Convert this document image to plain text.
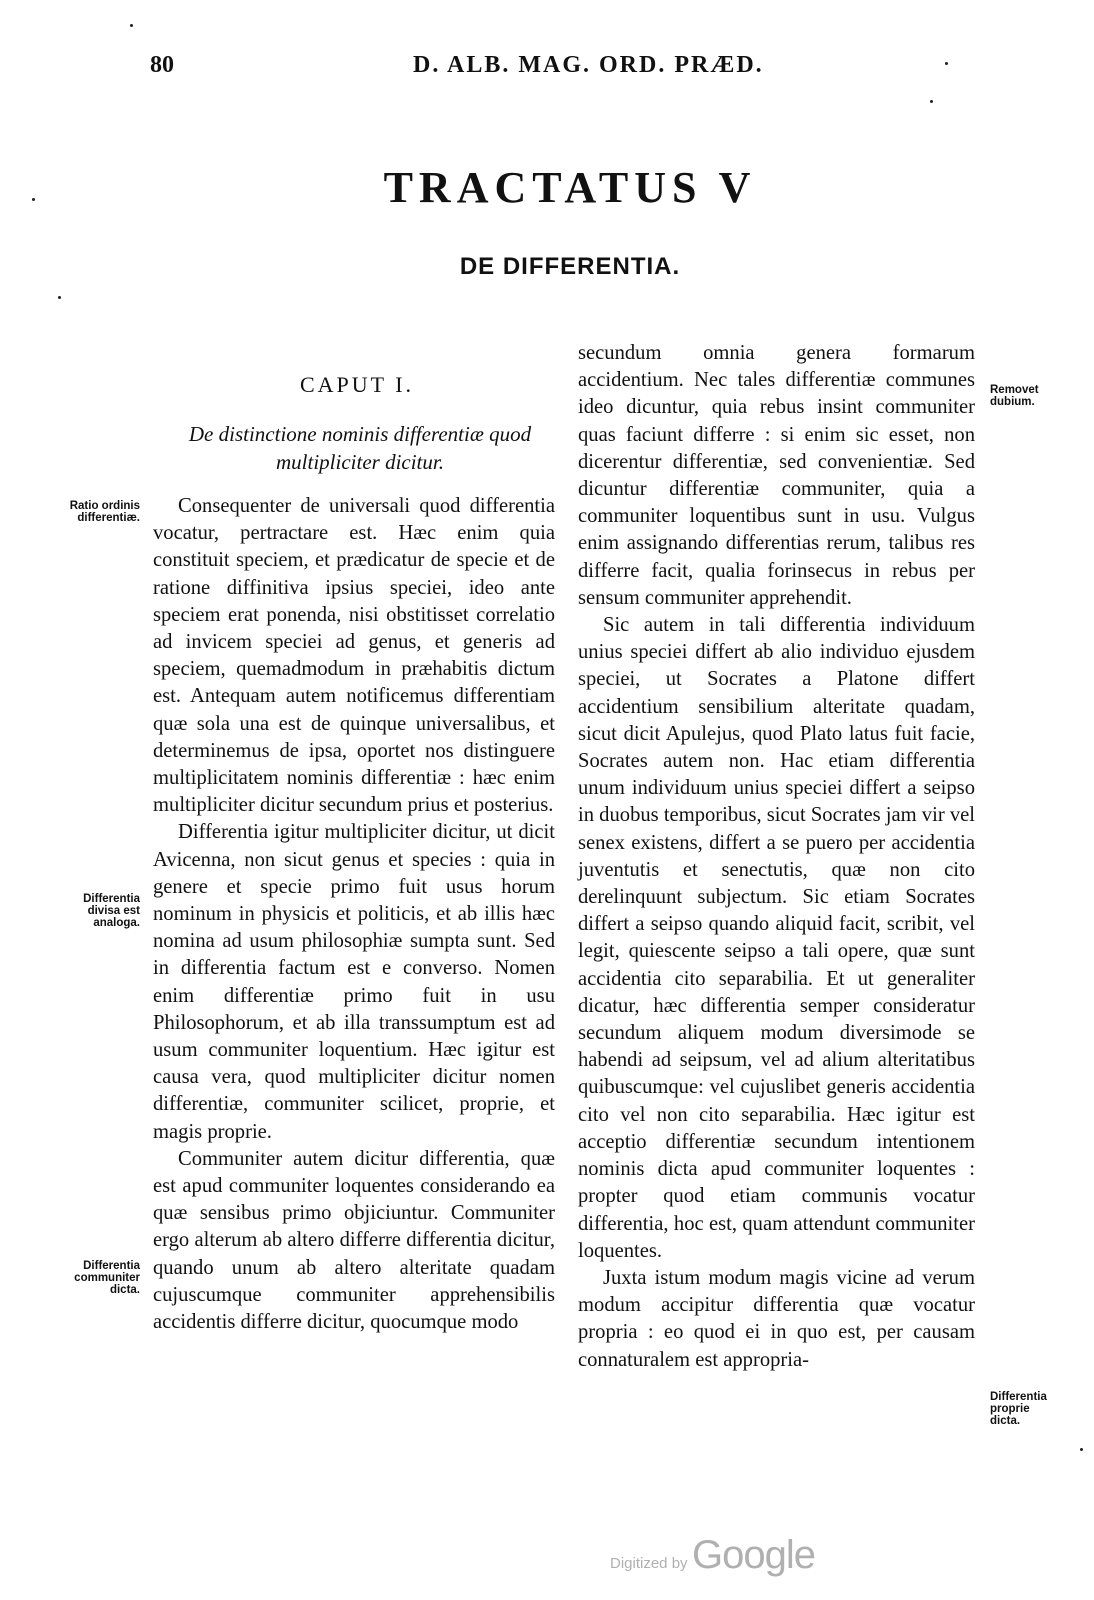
80	D. ALB. MAG. ORD. PRÆD.
TRACTATUS V
DE DIFFERENTIA.
CAPUT I.
De distinctione nominis differentiæ quod multipliciter dicitur.

Consequenter de universali quod differentia vocatur, pertractare est. Hæc enim quia constituit speciem, et prædicatur de specie et de ratione diffinitiva ipsius speciei, ideo ante speciem erat ponenda, nisi obstitisset correlatio ad invicem speciei ad genus, et generis ad speciem, quemadmodum in præhabitis dictum est. Antequam autem notificemus differentiam quæ sola una est de quinque universalibus, et determinemus de ipsa, oportet nos distinguere multiplicitatem nominis differentiæ : hæc enim multipliciter dicitur secundum prius et posterius.

Differentia igitur multipliciter dicitur, ut dicit Avicenna, non sicut genus et species : quia in genere et specie primo fuit usus horum nominum in physicis et politicis, et ab illis hæc nomina ad usum philosophiæ sumpta sunt. Sed in differentia factum est e converso. Nomen enim differentiæ primo fuit in usu Philosophorum, et ab illa transsumptum est ad usum communiter loquentium. Hæc igitur est causa vera, quod multipliciter dicitur nomen differentiæ, communiter scilicet, proprie, et magis proprie.

Communiter autem dicitur differentia, quæ est apud communiter loquentes considerando ea quæ sensibus primo objiciuntur. Communiter ergo alterum ab altero differre differentia dicitur, quando unum ab altero alteritate quadam cujuscumque communiter apprehensibilis accidentis differre dicitur, quocumque modo

secundum omnia genera formarum accidentium. Nec tales differentiæ communes ideo dicuntur, quia rebus insint communiter quas faciunt differre : si enim sic esset, non dicerentur differentiæ, sed convenientiæ. Sed dicuntur differentiæ communiter, quia a communiter loquentibus sunt in usu. Vulgus enim assignando differentias rerum, talibus res differre facit, qualia forinsecus in rebus per sensum communiter apprehendit.

Sic autem in tali differentia individuum unius speciei differt ab alio individuo ejusdem speciei, ut Socrates a Platone differt accidentium sensibilium alteritate quadam, sicut dicit Apulejus, quod Plato latus fuit facie, Socrates autem non. Hac etiam differentia unum individuum unius speciei differt a seipso in duobus temporibus, sicut Socrates jam vir vel senex existens, differt a se puero per accidentia juventutis et senectutis, quæ non cito derelinquunt subjectum. Sic etiam Socrates differt a seipso quando aliquid facit, scribit, vel legit, quiescente seipso a tali opere, quæ sunt accidentia cito separabilia. Et ut generaliter dicatur, hæc differentia semper consideratur secundum aliquem modum diversimode se habendi ad seipsum, vel ad alium alteritatibus quibuscumque: vel cujuslibet generis accidentia cito vel non cito separabilia. Hæc igitur est acceptio differentiæ secundum intentionem nominis dicta apud communiter loquentes : propter quod etiam communis vocatur differentia, hoc est, quam attendunt communiter loquentes.

Juxta istum modum magis vicine ad verum modum accipitur differentia quæ vocatur propria : eo quod ei in quo est, per causam connaturalem est appropria-

Ratio ordinis differentiæ.
Differentia divisa est analoga.
Differentia communiter dicta.
Removet dubium.
Differentia proprie dicta.
Digitized by Google
